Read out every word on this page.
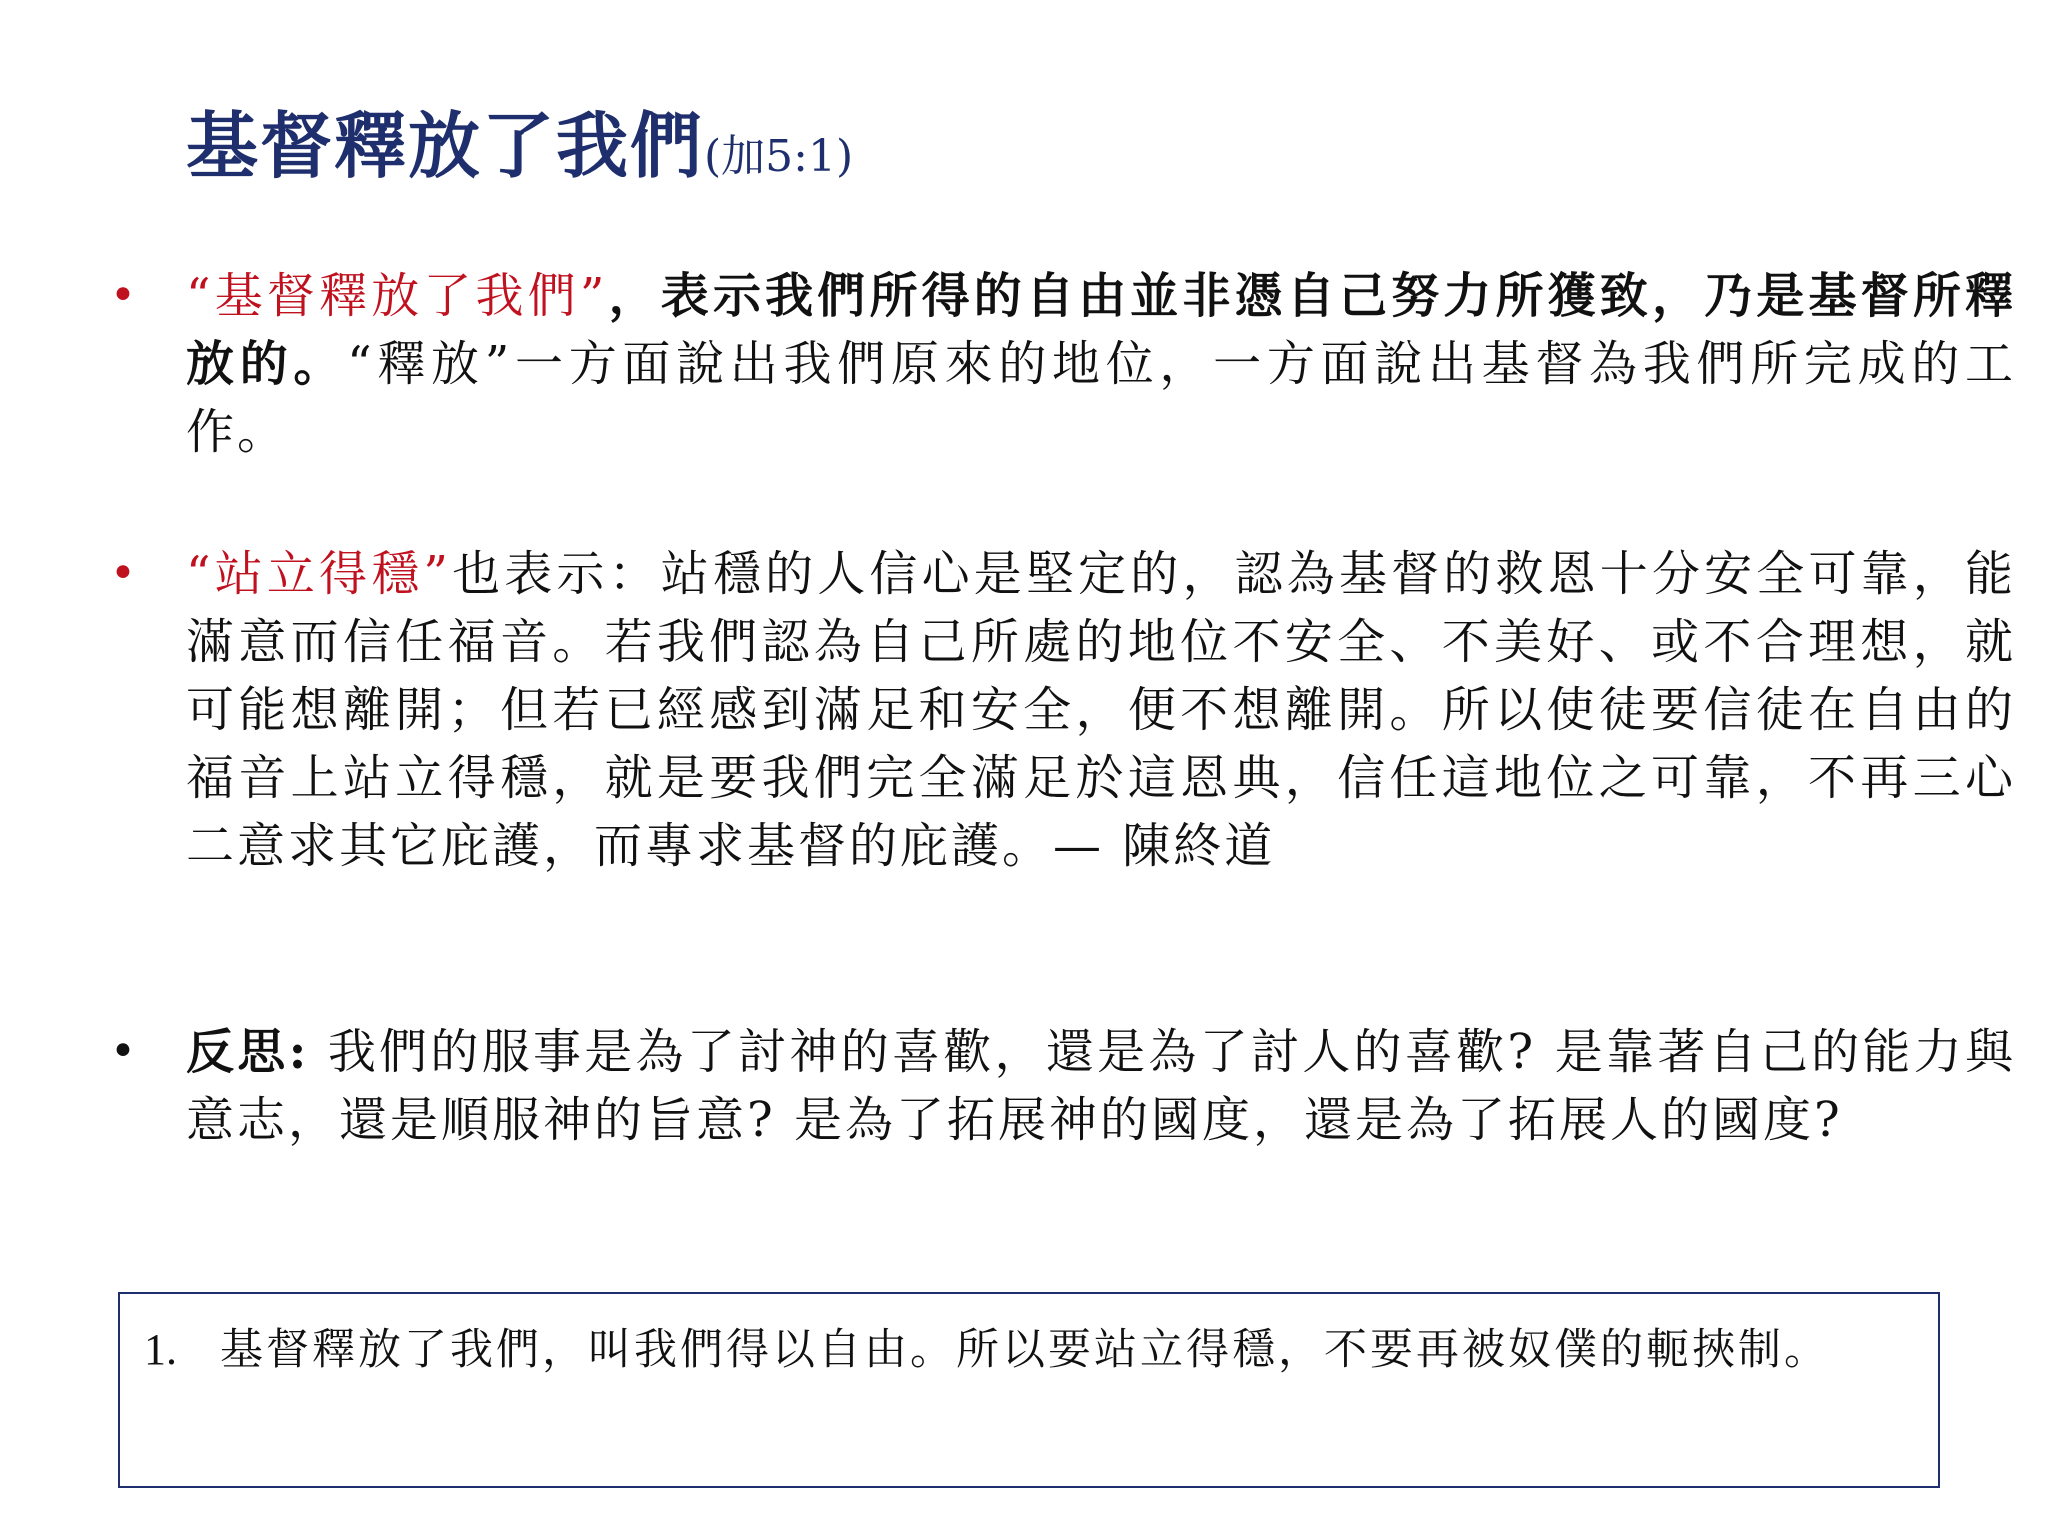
基督釋放了我們(加5:1)
•	“基督釋放了我們”，表示我們所得的自由並非憑自己努力所獲致，乃是基督所釋放的。“釋放”一方面說出我們原來的地位，一方面說出基督為我們所完成的工作。
•	“站立得穩”也表示：站穩的人信心是堅定的，認為基督的救恩十分安全可靠，能滿意而信任福音。若我們認為自己所處的地位不安全、不美好、或不合理想，就可能想離開；但若已經感到滿足和安全，便不想離開。所以使徒要信徒在自由的福音上站立得穩，就是要我們完全滿足於這恩典，信任這地位之可靠，不再三心二意求其它庇護，而專求基督的庇護。— 陳終道
•	反思: 我們的服事是為了討神的喜歡，還是為了討人的喜歡? 是靠著自己的能力與意志，還是順服神的旨意? 是為了拓展神的國度，還是為了拓展人的國度?
1. 基督釋放了我們，叫我們得以自由。所以要站立得穩，不要再被奴僕的軛挾制。
